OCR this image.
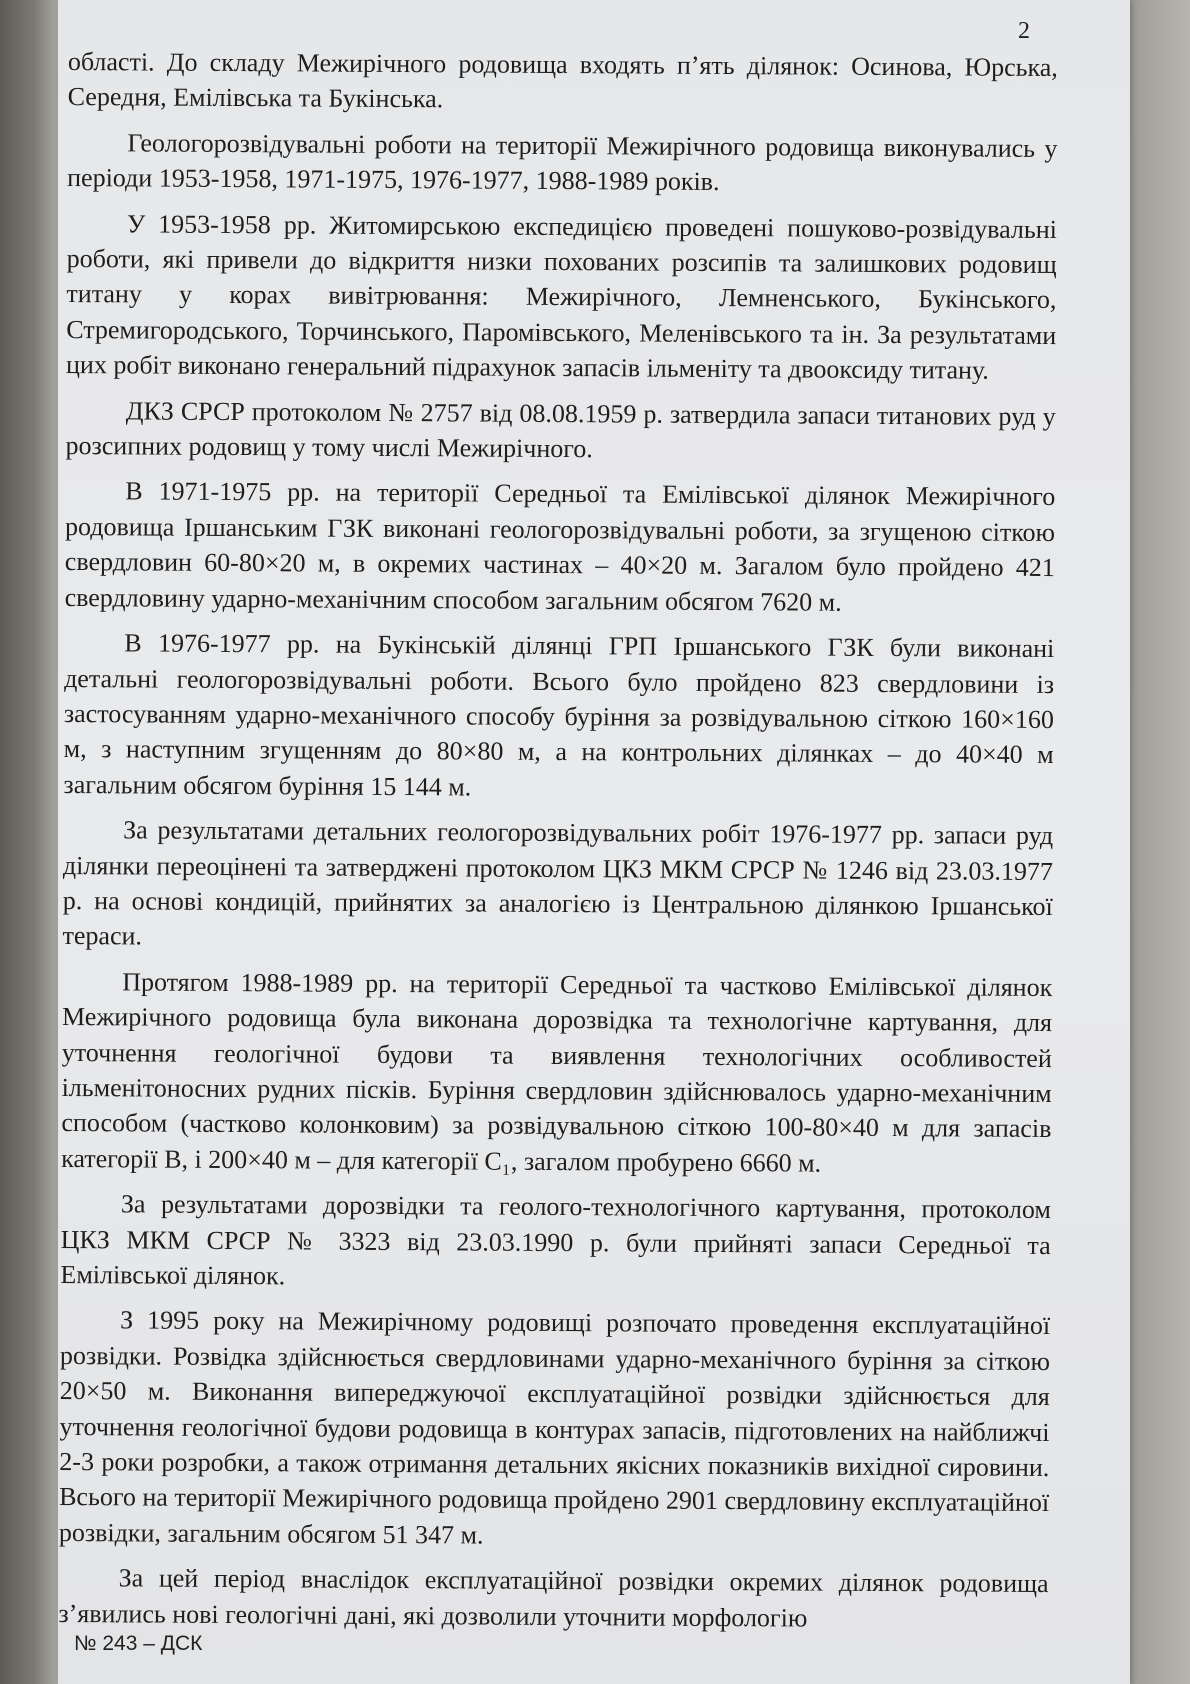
2

області. До складу Межирічного родовища входять п’ять ділянок: Осинова, Юрська, Середня, Емілівська та Букінська.

Геологорозвідувальні роботи на території Межирічного родовища виконувались у періоди 1953-1958, 1971-1975, 1976-1977, 1988-1989 років.

У 1953-1958 рр. Житомирською експедицією проведені пошуково-розвідувальні роботи, які привели до відкриття низки похованих розсипів та залишкових родовищ титану у корах вивітрювання: Межирічного, Лемненського, Букінського, Стремигородського, Торчинського, Паромівського, Меленівського та ін. За результатами цих робіт виконано генеральний підрахунок запасів ільменіту та двооксиду титану.

ДКЗ СРСР протоколом № 2757 від 08.08.1959 р. затвердила запаси титанових руд у розсипних родовищ у тому числі Межирічного.

В 1971-1975 рр. на території Середньої та Емілівської ділянок Межирічного родовища Іршанським ГЗК виконані геологорозвідувальні роботи, за згущеною сіткою свердловин 60-80×20 м, в окремих частинах – 40×20 м. Загалом було пройдено 421 свердловину ударно-механічним способом загальним обсягом 7620 м.

В 1976-1977 рр. на Букінській ділянці ГРП Іршанського ГЗК були виконані детальні геологорозвідувальні роботи. Всього було пройдено 823 свердловини із застосуванням ударно-механічного способу буріння за розвідувальною сіткою 160×160 м, з наступним згущенням до 80×80 м, а на контрольних ділянках – до 40×40 м загальним обсягом буріння 15 144 м.

За результатами детальних геологорозвідувальних робіт 1976-1977 рр. запаси руд ділянки переоцінені та затверджені протоколом ЦКЗ МКМ СРСР № 1246 від 23.03.1977 р. на основі кондицій, прийнятих за аналогією із Центральною ділянкою Іршанської тераси.

Протягом 1988-1989 рр. на території Середньої та частково Емілівської ділянок Межирічного родовища була виконана дорозвідка та технологічне картування, для уточнення геологічної будови та виявлення технологічних особливостей ільменітоносних рудних пісків. Буріння свердловин здійснювалось ударно-механічним способом (частково колонковим) за розвідувальною сіткою 100-80×40 м для запасів категорії В, і 200×40 м – для категорії С₁, загалом пробурено 6660 м.

За результатами дорозвідки та геолого-технологічного картування, протоколом ЦКЗ МКМ СРСР № 3323 від 23.03.1990 р. були прийняті запаси Середньої та Емілівської ділянок.

З 1995 року на Межирічному родовищі розпочато проведення експлуатаційної розвідки. Розвідка здійснюється свердловинами ударно-механічного буріння за сіткою 20×50 м. Виконання випереджуючої експлуатаційної розвідки здійснюється для уточнення геологічної будови родовища в контурах запасів, підготовлених на найближчі 2-3 роки розробки, а також отримання детальних якісних показників вихідної сировини. Всього на території Межирічного родовища пройдено 2901 свердловину експлуатаційної розвідки, загальним обсягом 51 347 м.

За цей період внаслідок експлуатаційної розвідки окремих ділянок родовища з’явились нові геологічні дані, які дозволили уточнити морфологію

№ 243 – ДСК
